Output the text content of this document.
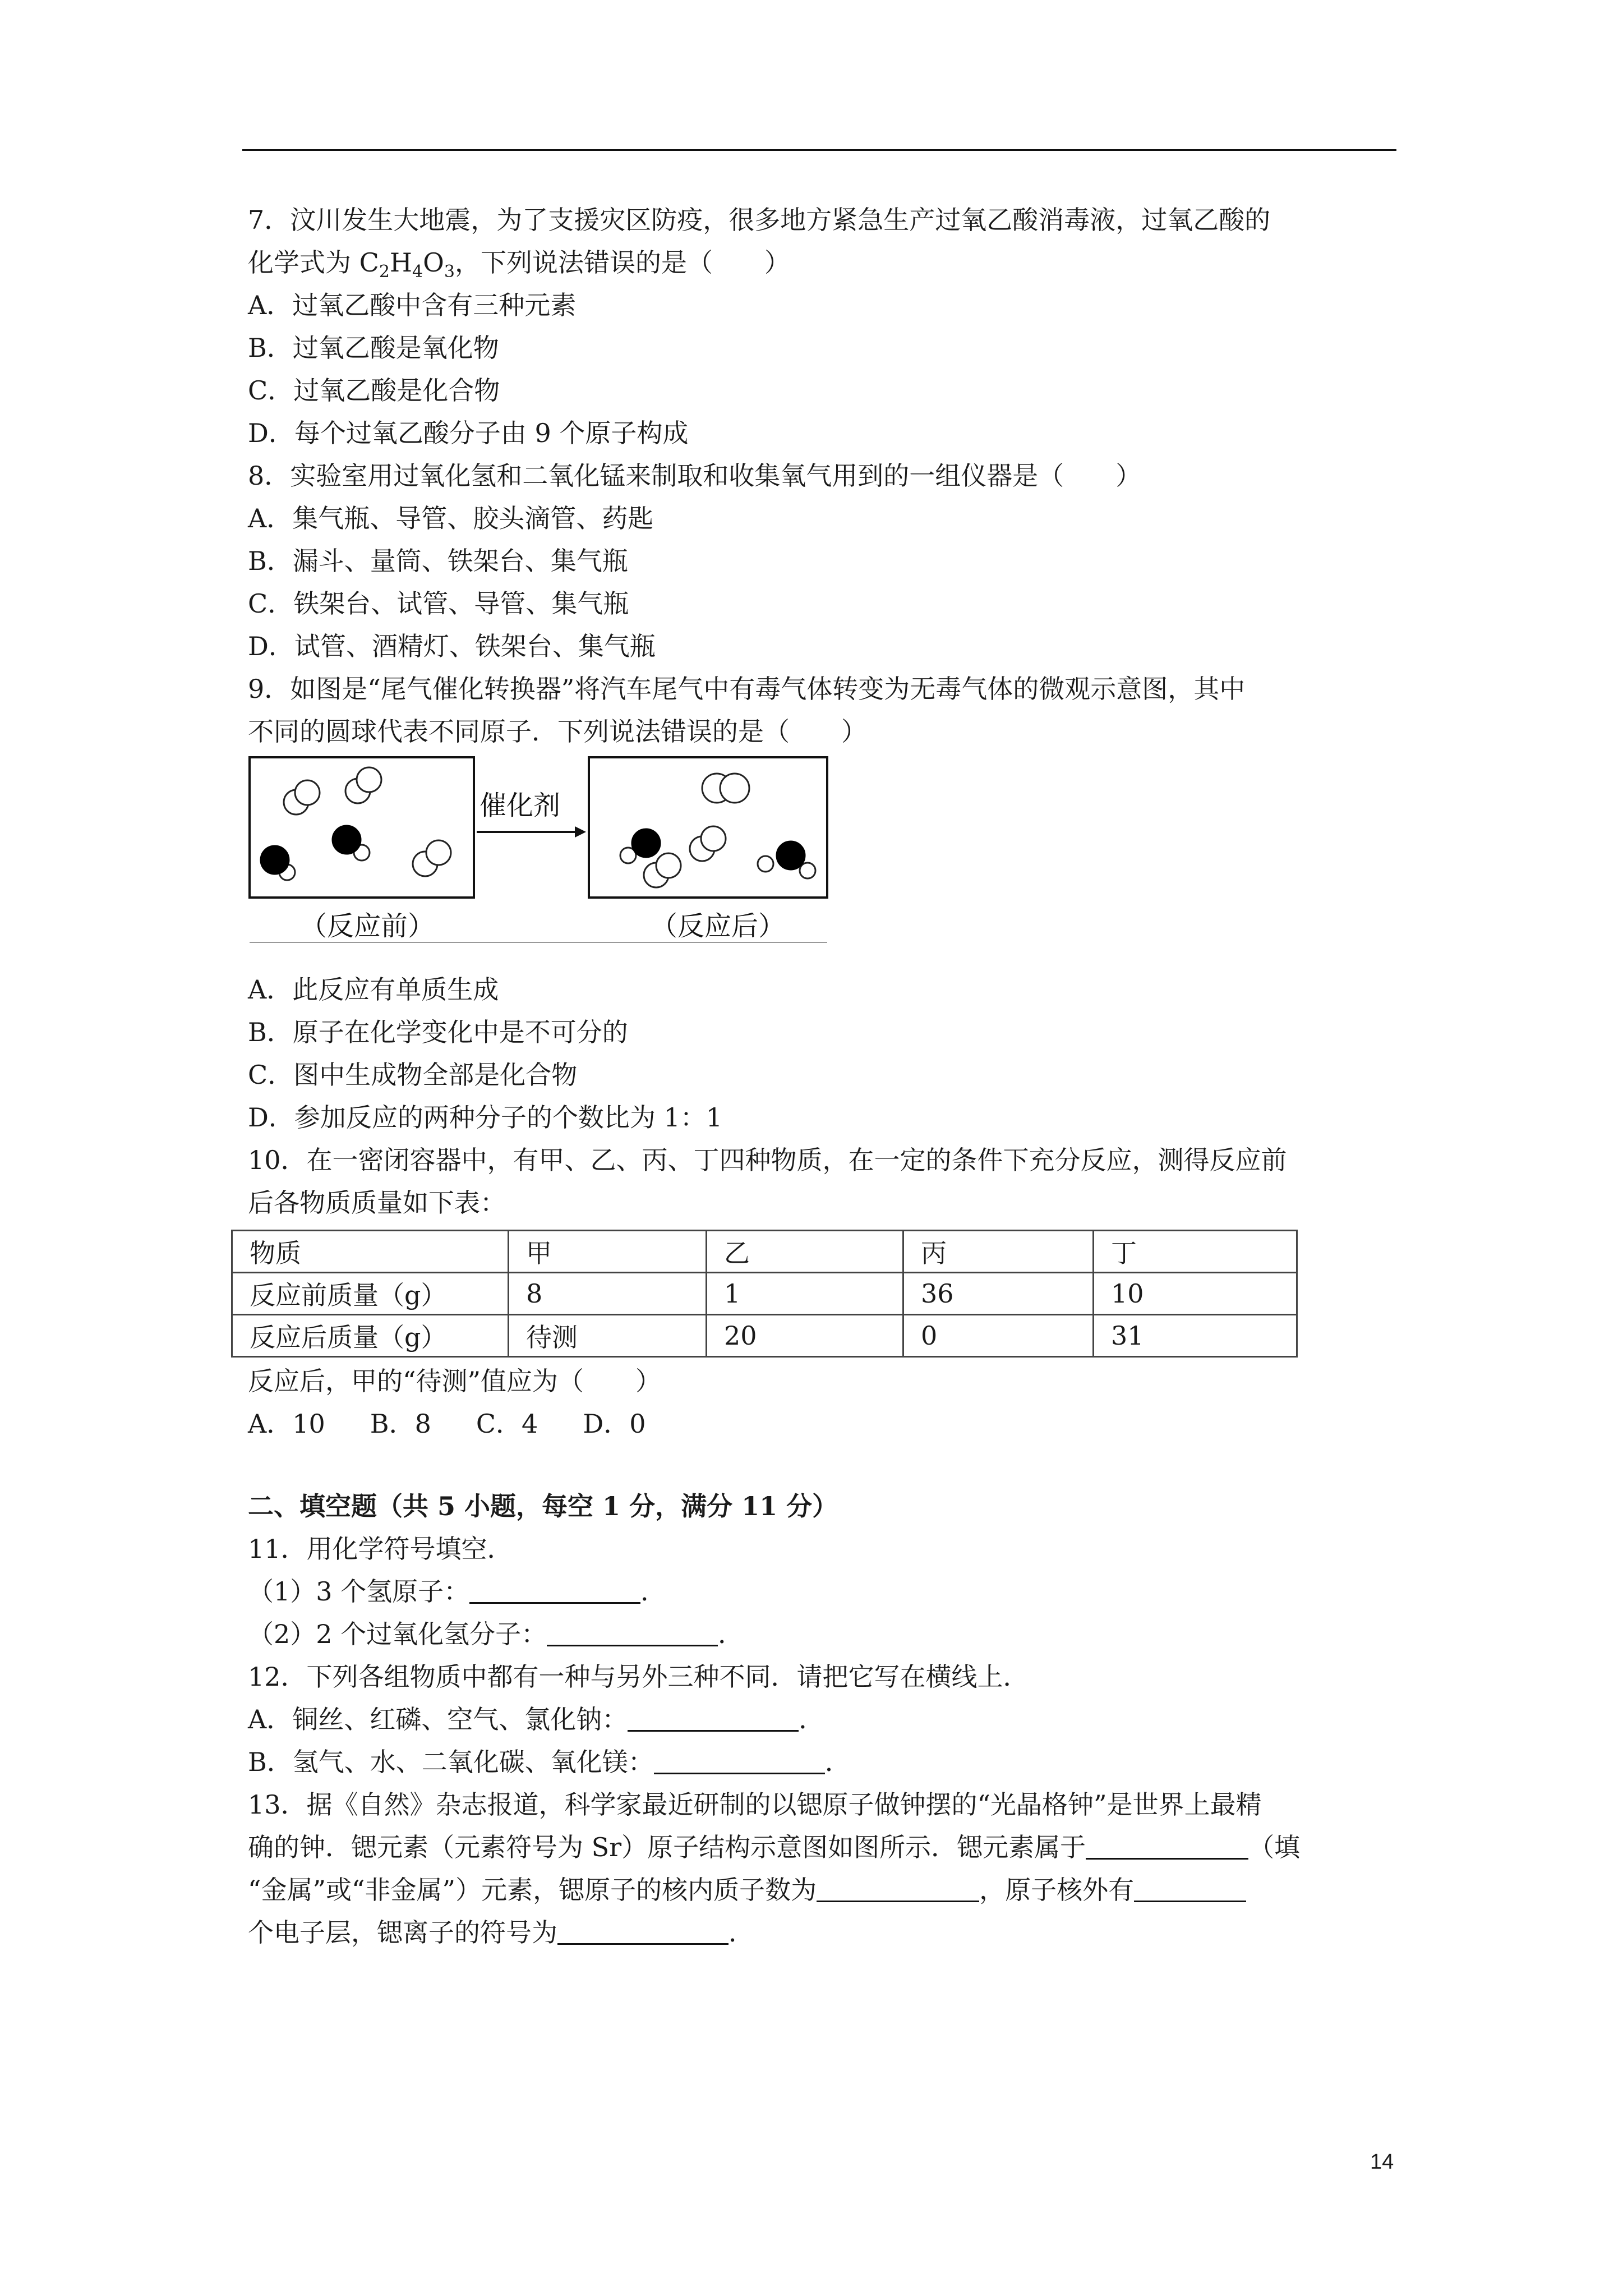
7．汶川发生大地震，为了支援灾区防疫，很多地方紧急生产过氧乙酸消毒液，过氧乙酸的
化学式为 $C_2H_4O_3$，下列说法错误的是（　　）
A．过氧乙酸中含有三种元素
B．过氧乙酸是氧化物
C．过氧乙酸是化合物
D．每个过氧乙酸分子由 9 个原子构成
8．实验室用过氧化氢和二氧化锰来制取和收集氧气用到的一组仪器是（　　）
A．集气瓶、导管、胶头滴管、药匙
B．漏斗、量筒、铁架台、集气瓶
C．铁架台、试管、导管、集气瓶
D．试管、酒精灯、铁架台、集气瓶
9．如图是“尾气催化转换器”将汽车尾气中有毒气体转变为无毒气体的微观示意图，其中
不同的圆球代表不同原子．下列说法错误的是（　　）
催化剂
（反应前）	（反应后）
A．此反应有单质生成
B．原子在化学变化中是不可分的
C．图中生成物全部是化合物
D．参加反应的两种分子的个数比为 1：1
10．在一密闭容器中，有甲、乙、丙、丁四种物质，在一定的条件下充分反应，测得反应前
后各物质质量如下表：
物质	甲	乙	丙	丁
反应前质量（g）	8	1	36	10
反应后质量（g）	待测	20	0	31
反应后，甲的“待测”值应为（　　）
A．10 B．8 C．4 D．0
二、填空题（共 5 小题，每空 1 分，满分 11 分）
11．用化学符号填空．
（1）3 个氢原子：	．
（2）2 个过氧化氢分子：	．
12．下列各组物质中都有一种与另外三种不同．请把它写在横线上．
A．铜丝、红磷、空气、氯化钠：	．
B．氢气、水、二氧化碳、氧化镁：	．
13．据《自然》杂志报道，科学家最近研制的以锶原子做钟摆的“光晶格钟”是世界上最精
确的钟．锶元素（元素符号为 Sr）原子结构示意图如图所示．锶元素属于	（填
“金属”或“非金属”）元素，锶原子的核内质子数为	，原子核外有
个电子层，锶离子的符号为	．
14
